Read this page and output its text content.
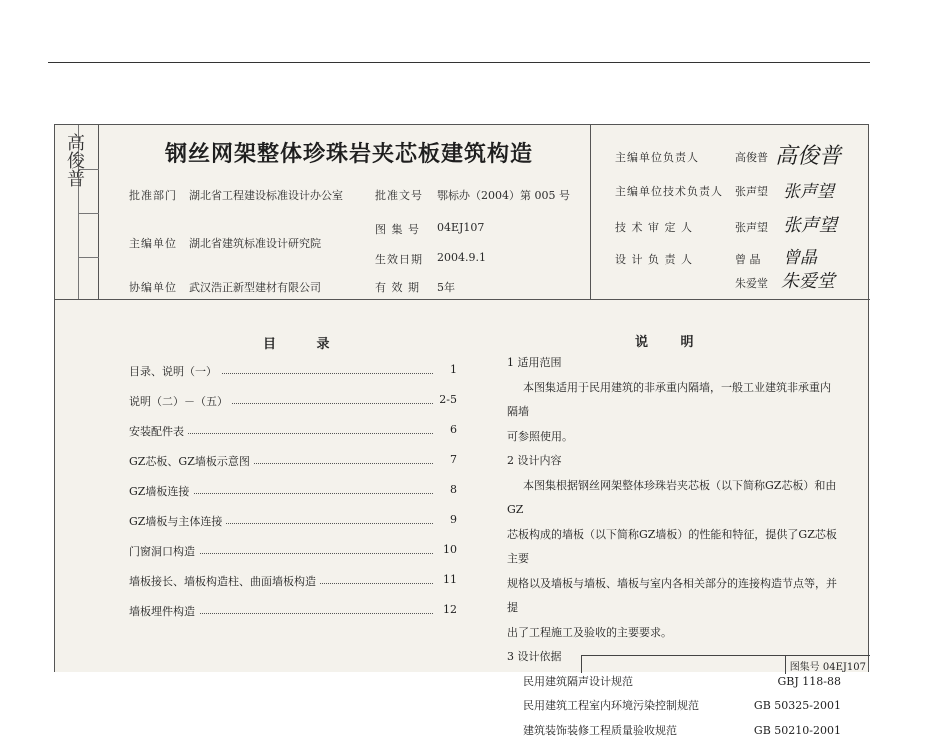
高俊普	钢丝网架整体珍珠岩夹芯板建筑构造
批准部门 湖北省工程建设标准设计办公室
主编单位 湖北省建筑标准设计研究院
协编单位 武汉浩正新型建材有限公司
批准文号 鄂标办（2004）第 005 号
图 集 号 04EJ107
生效日期 2004.9.1
有 效 期 5年
主编单位负责人	高俊普 高俊普
主编单位技术负责人 张声望 张声望
技 术 审 定 人	张声望 张声望
设 计 负 责 人	曾 晶 曾晶
朱爱堂 朱爱堂
目 录
目录、说明（一）	1
说明（二）－（五）	2-5
安装配件表	6
GZ芯板、GZ墙板示意图	7
GZ墙板连接	8
GZ墙板与主体连接	9
门窗洞口构造	10
墙板接长、墙板构造柱、曲面墙板构造	11
墙板埋件构造	12
说 明

1 适用范围

本图集适用于民用建筑的非承重内隔墙，一般工业建筑非承重内隔墙

可参照使用。

2 设计内容

本图集根据钢丝网架整体珍珠岩夹芯板（以下简称GZ芯板）和由GZ

芯板构成的墙板（以下简称GZ墙板）的性能和特征，提供了GZ芯板主要

规格以及墙板与墙板、墙板与室内各相关部分的连接构造节点等，并提

出了工程施工及验收的主要要求。

3 设计依据

民用建筑隔声设计规范	GBJ 118-88

民用建筑工程室内环境污染控制规范	GB 50325-2001

建筑装饰装修工程质量验收规范	GB 50210-2001

图集号 04EJ107
